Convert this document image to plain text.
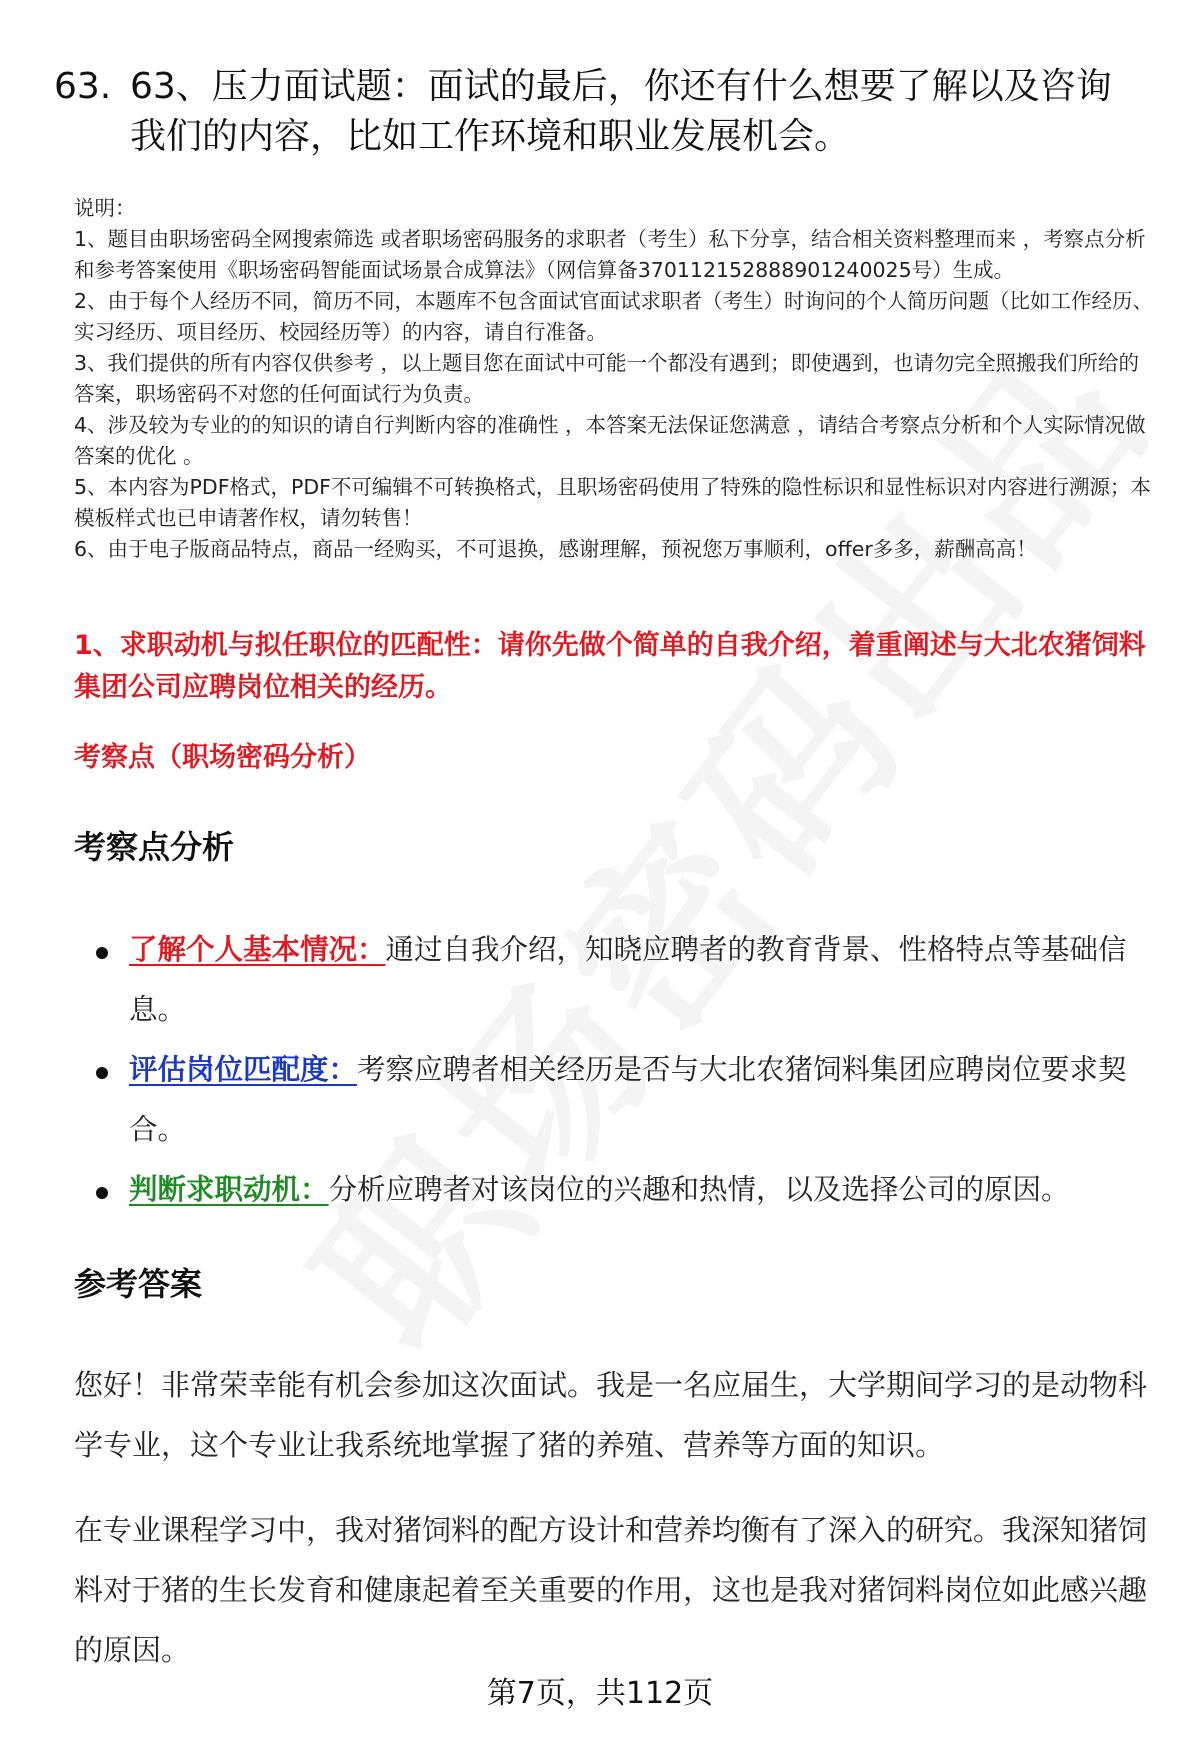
63. 63、压力面试题：面试的最后，你还有什么想要了解以及咨询我们的内容，比如工作环境和职业发展机会。

说明：

1、题目由职场密码全网搜索筛选 或者职场密码服务的求职者（考生）私下分享，结合相关资料整理而来 ，考察点分析和参考答案使用《职场密码智能面试场景合成算法》（网信算备370112152888901240025号）生成。

2、由于每个人经历不同，简历不同，本题库不包含面试官面试求职者（考生）时询问的个人简历问题（比如工作经历、实习经历、项目经历、校园经历等）的内容，请自行准备。

3、我们提供的所有内容仅供参考 ，以上题目您在面试中可能一个都没有遇到；即使遇到，也请勿完全照搬我们所给的答案，职场密码不对您的任何面试行为负责。

4、涉及较为专业的的知识的请自行判断内容的准确性 ，本答案无法保证您满意 ，请结合考察点分析和个人实际情况做答案的优化 。

5、本内容为PDF格式，PDF不可编辑不可转换格式，且职场密码使用了特殊的隐性标识和显性标识对内容进行溯源；本模板样式也已申请著作权，请勿转售！

6、由于电子版商品特点，商品一经购买，不可退换，感谢理解，预祝您万事顺利，offer多多，薪酬高高！

1、求职动机与拟任职位的匹配性：请你先做个简单的自我介绍，着重阐述与大北农猪饲料集团公司应聘岗位相关的经历。
考察点（职场密码分析）
考察点分析
了解个人基本情况：通过自我介绍，知晓应聘者的教育背景、性格特点等基础信息。
评估岗位匹配度：考察应聘者相关经历是否与大北农猪饲料集团应聘岗位要求契合。
判断求职动机：分析应聘者对该岗位的兴趣和热情，以及选择公司的原因。
参考答案

您好！非常荣幸能有机会参加这次面试。我是一名应届生，大学期间学习的是动物科学专业，这个专业让我系统地掌握了猪的养殖、营养等方面的知识。

在专业课程学习中，我对猪饲料的配方设计和营养均衡有了深入的研究。我深知猪饲料对于猪的生长发育和健康起着至关重要的作用，这也是我对猪饲料岗位如此感兴趣的原因。

第7页，共112页
